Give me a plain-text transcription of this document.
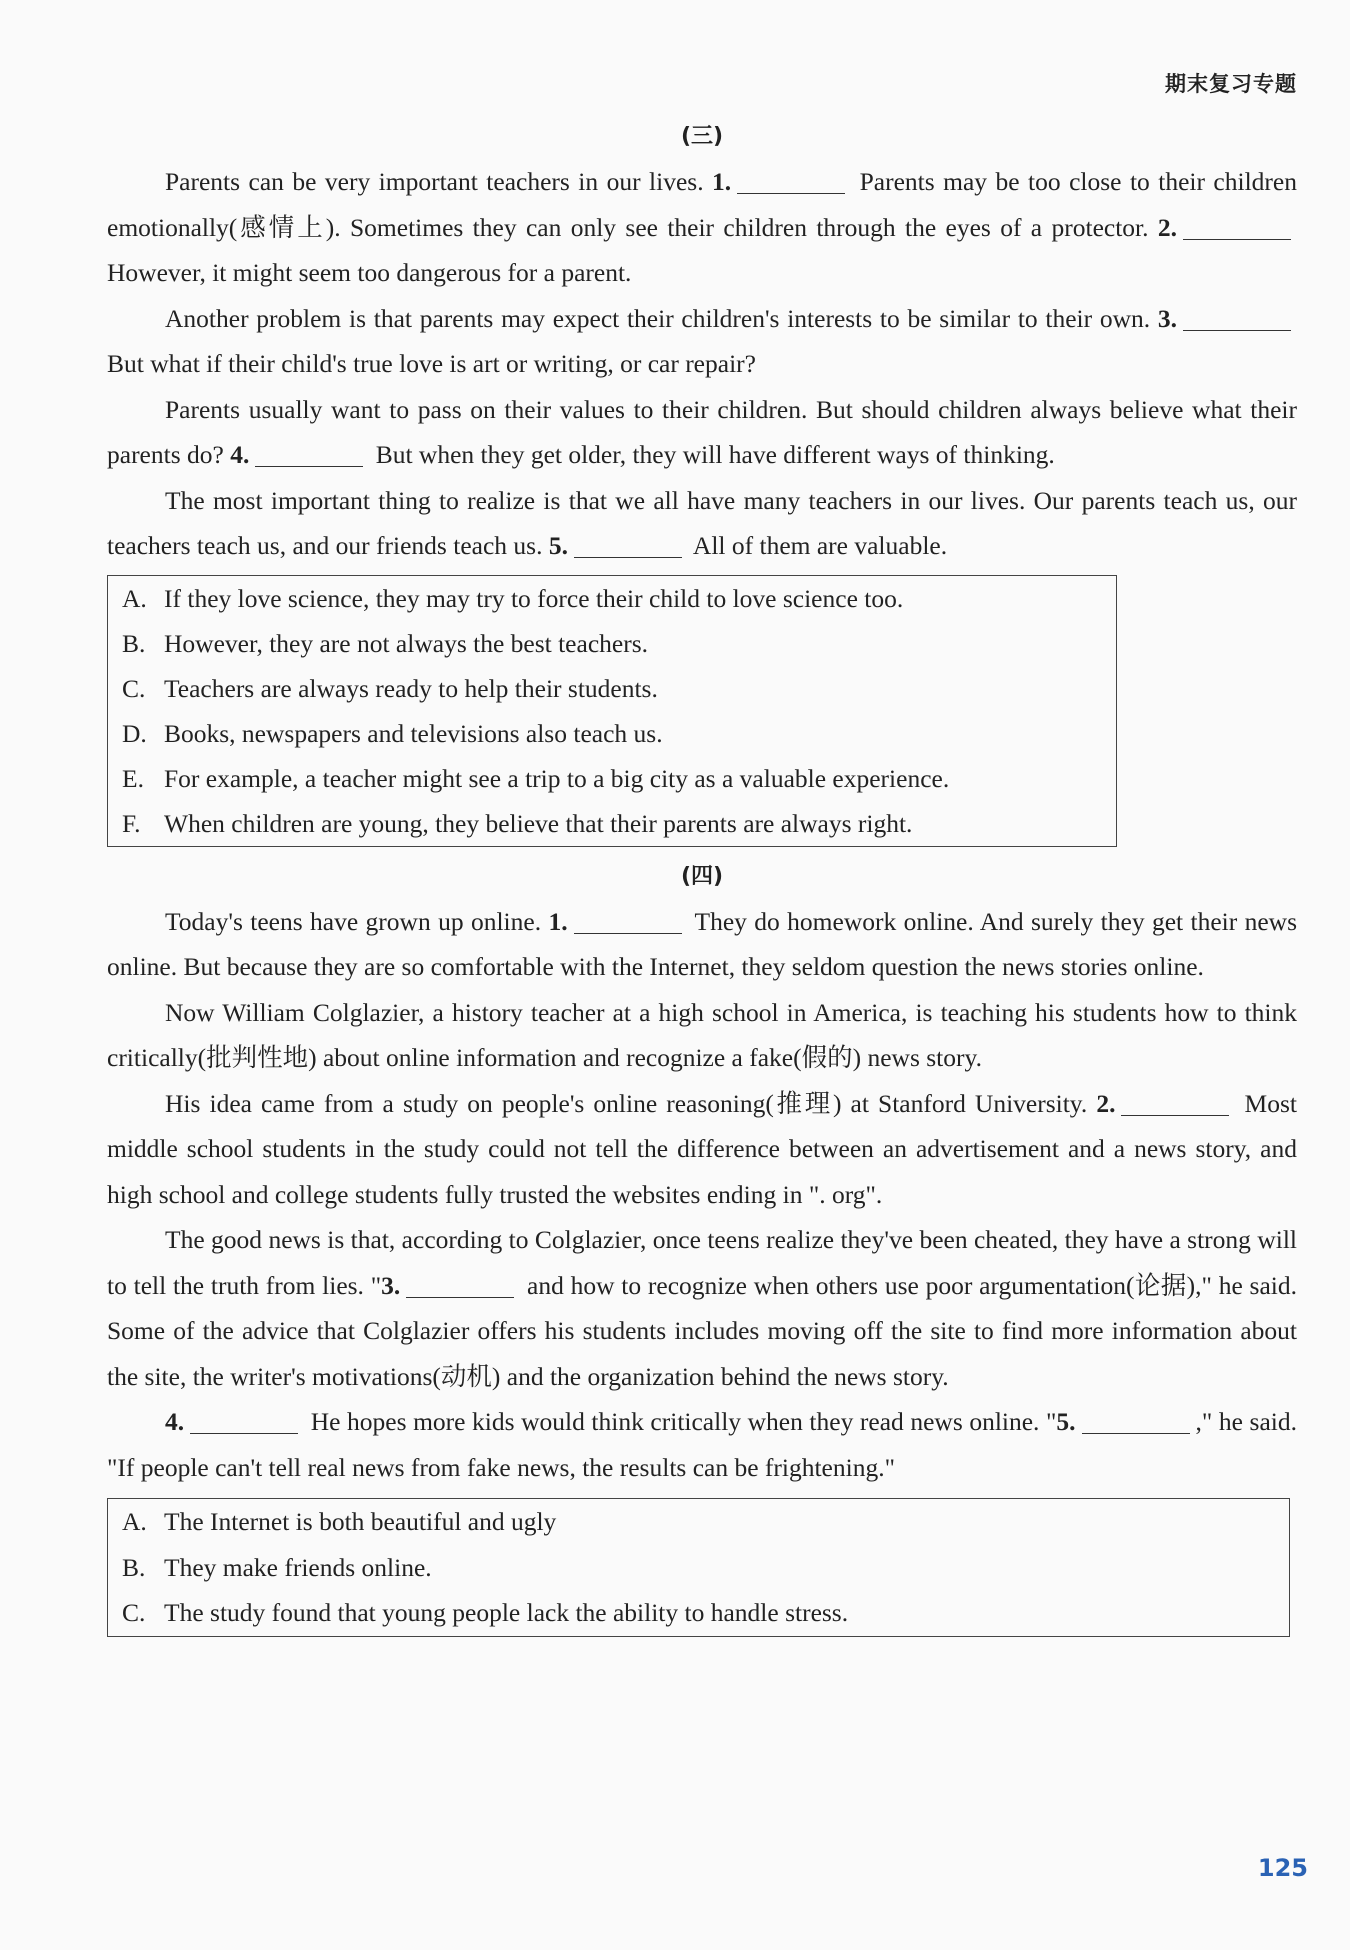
期末复习专题
(三)

Parents can be very important teachers in our lives. 1.	Parents may be too close to their children emotionally(感情上). Sometimes they can only see their children through the eyes of a protector. 2. However, it might seem too dangerous for a parent.

Another problem is that parents may expect their children's interests to be similar to their own. 3. But what if their child's true love is art or writing, or car repair?

Parents usually want to pass on their values to their children. But should children always believe what their parents do? 4.	But when they get older, they will have different ways of thinking.

The most important thing to realize is that we all have many teachers in our lives. Our parents teach us, our teachers teach us, and our friends teach us. 5.	All of them are valuable.

A. If they love science, they may try to force their child to love science too.
B. However, they are not always the best teachers.
C. Teachers are always ready to help their students.
D. Books, newspapers and televisions also teach us.
E. For example, a teacher might see a trip to a big city as a valuable experience.
F. When children are young, they believe that their parents are always right.
(四)

Today's teens have grown up online. 1.	They do homework online. And surely they get their news online. But because they are so comfortable with the Internet, they seldom question the news stories online.

Now William Colglazier, a history teacher at a high school in America, is teaching his students how to think critically(批判性地) about online information and recognize a fake(假的) news story.

His idea came from a study on people's online reasoning(推理) at Stanford University. 2.	Most middle school students in the study could not tell the difference between an advertisement and a news story, and high school and college students fully trusted the websites ending in ". org".

The good news is that, according to Colglazier, once teens realize they've been cheated, they have a strong will to tell the truth from lies. "3.	and how to recognize when others use poor argumentation(论据)," he said. Some of the advice that Colglazier offers his students includes moving off the site to find more information about the site, the writer's motivations(动机) and the organization behind the news story.

4.	He hopes more kids would think critically when they read news online. "5.	," he said. "If people can't tell real news from fake news, the results can be frightening."

A. The Internet is both beautiful and ugly
B. They make friends online.
C. The study found that young people lack the ability to handle stress.
125
